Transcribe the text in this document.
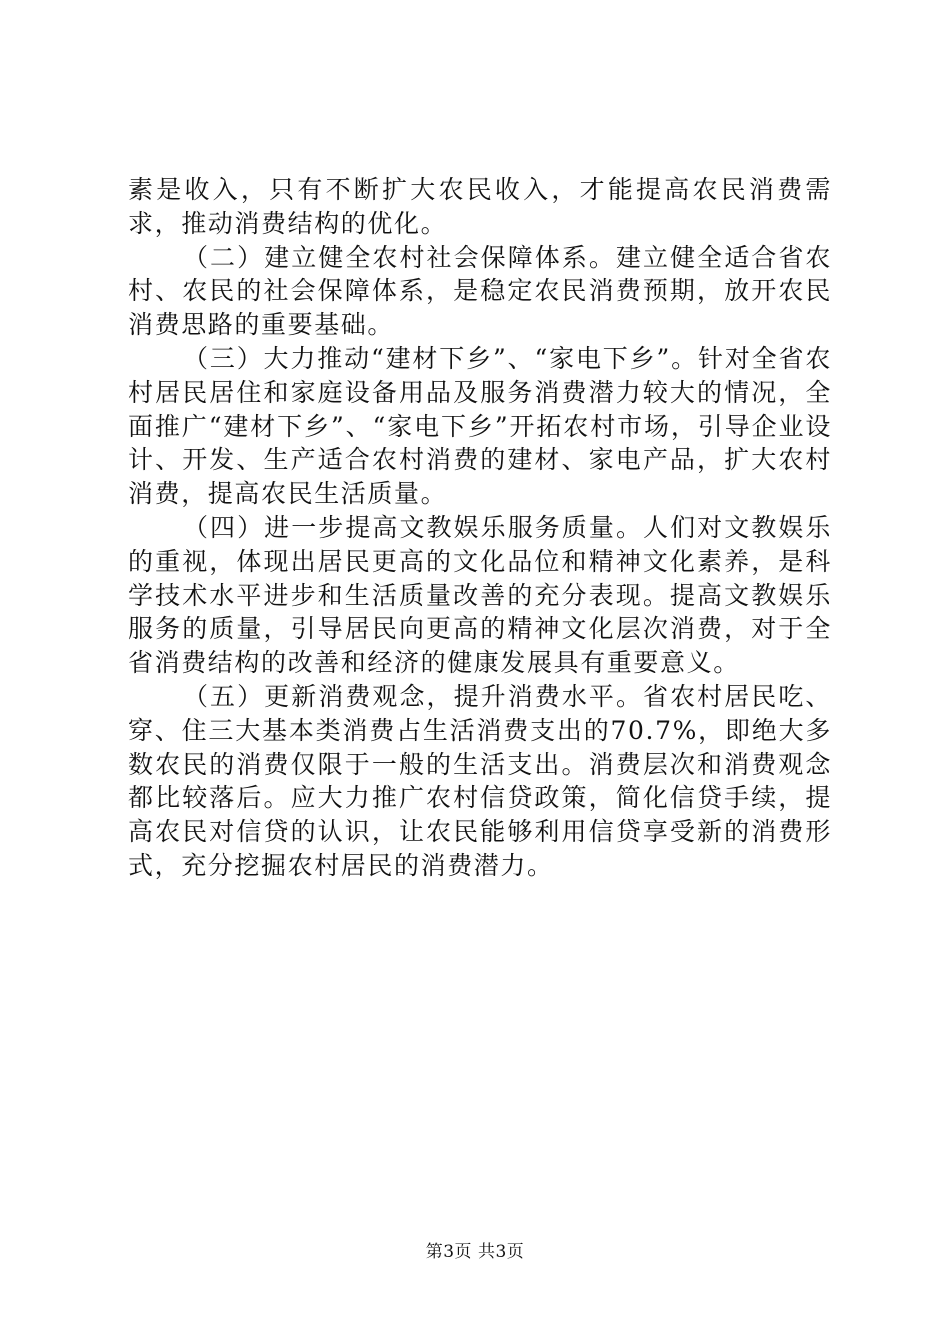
素是收入，只有不断扩大农民收入，才能提高农民消费需求，推动消费结构的优化。

（二）建立健全农村社会保障体系。建立健全适合省农村、农民的社会保障体系，是稳定农民消费预期，放开农民消费思路的重要基础。

（三）大力推动“建材下乡”、“家电下乡”。针对全省农村居民居住和家庭设备用品及服务消费潜力较大的情况，全面推广“建材下乡”、“家电下乡”开拓农村市场，引导企业设计、开发、生产适合农村消费的建材、家电产品，扩大农村消费，提高农民生活质量。

（四）进一步提高文教娱乐服务质量。人们对文教娱乐的重视，体现出居民更高的文化品位和精神文化素养，是科学技术水平进步和生活质量改善的充分表现。提高文教娱乐服务的质量，引导居民向更高的精神文化层次消费，对于全省消费结构的改善和经济的健康发展具有重要意义。

（五）更新消费观念，提升消费水平。省农村居民吃、穿、住三大基本类消费占生活消费支出的70.7%，即绝大多数农民的消费仅限于一般的生活支出。消费层次和消费观念都比较落后。应大力推广农村信贷政策，简化信贷手续，提高农民对信贷的认识，让农民能够利用信贷享受新的消费形式，充分挖掘农村居民的消费潜力。

第3页 共3页
